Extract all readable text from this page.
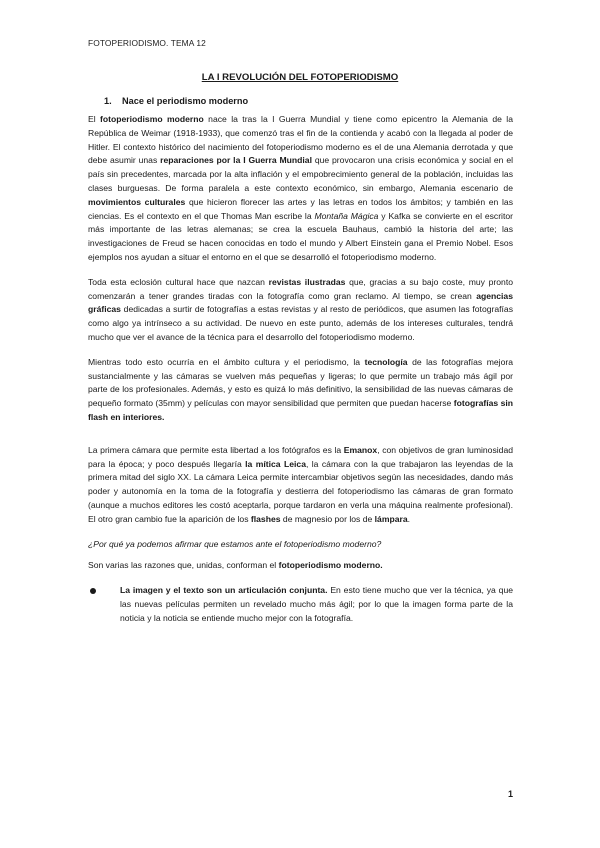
FOTOPERIODISMO. TEMA 12
LA I REVOLUCIÓN DEL FOTOPERIODISMO
1. Nace el periodismo moderno

El fotoperiodismo moderno nace la tras la I Guerra Mundial y tiene como epicentro la Alemania de la República de Weimar (1918-1933), que comenzó tras el fin de la contienda y acabó con la llegada al poder de Hitler. El contexto histórico del nacimiento del fotoperiodismo moderno es el de una Alemania derrotada y que debe asumir unas reparaciones por la I Guerra Mundial que provocaron una crisis económica y social en el país sin precedentes, marcada por la alta inflación y el empobrecimiento general de la población, incluidas las clases burguesas. De forma paralela a este contexto económico, sin embargo, Alemania escenario de movimientos culturales que hicieron florecer las artes y las letras en todos los ámbitos; y también en las ciencias. Es el contexto en el que Thomas Man escribe la Montaña Mágica y Kafka se convierte en el escritor más importante de las letras alemanas; se crea la escuela Bauhaus, cambió la historia del arte; las investigaciones de Freud se hacen conocidas en todo el mundo y Albert Einstein gana el Premio Nobel. Esos ejemplos nos ayudan a situar el entorno en el que se desarrolló el fotoperiodismo moderno.

Toda esta eclosión cultural hace que nazcan revistas ilustradas que, gracias a su bajo coste, muy pronto comenzarán a tener grandes tiradas con la fotografía como gran reclamo. Al tiempo, se crean agencias gráficas dedicadas a surtir de fotografías a estas revistas y al resto de periódicos, que asumen las fotografías como algo ya intrínseco a su actividad. De nuevo en este punto, además de los intereses culturales, tendrá mucho que ver el avance de la técnica para el desarrollo del fotoperiodismo moderno.

Mientras todo esto ocurría en el ámbito cultura y el periodismo, la tecnología de las fotografías mejora sustancialmente y las cámaras se vuelven más pequeñas y ligeras; lo que permite un trabajo más ágil por parte de los profesionales. Además, y esto es quizá lo más definitivo, la sensibilidad de las nuevas cámaras de pequeño formato (35mm) y películas con mayor sensibilidad que permiten que puedan hacerse fotografías sin flash en interiores.

La primera cámara que permite esta libertad a los fotógrafos es la Emanox, con objetivos de gran luminosidad para la época; y poco después llegaría la mítica Leica, la cámara con la que trabajaron las leyendas de la primera mitad del siglo XX. La cámara Leica permite intercambiar objetivos según las necesidades, dando más poder y autonomía en la toma de la fotografía y destierra del fotoperiodismo las cámaras de gran formato (aunque a muchos editores les costó aceptarla, porque tardaron en verla una máquina realmente profesional). El otro gran cambio fue la aparición de los flashes de magnesio por los de lámpara.

¿Por qué ya podemos afirmar que estamos ante el fotoperiodismo moderno?

Son varias las razones que, unidas, conforman el fotoperiodismo moderno.

La imagen y el texto son un articulación conjunta. En esto tiene mucho que ver la técnica, ya que las nuevas películas permiten un revelado mucho más ágil; por lo que la imagen forma parte de la noticia y la noticia se entiende mucho mejor con la fotografía.
1
